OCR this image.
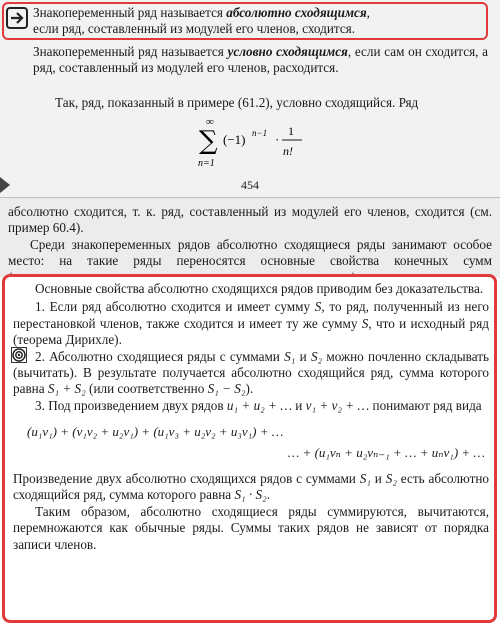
Знакопеременный ряд называется абсолютно сходящимся,
если ряд, составленный из модулей его членов, сходится.

Знакопеременный ряд называется условно сходящимся, если сам он сходится, а ряд, составленный из модулей его членов, расходится.

Так, ряд, показанный в примере (61.2), условно сходящийся. Ряд

∞
∑
n=1
(−1) n−1 ·
1
n!
454

абсолютно сходится, т. к. ряд, составленный из модулей его членов, сходится (см. пример 60.4).

Среди знакопеременных рядов абсолютно сходящиеся ряды занимают особое место: на такие ряды переносятся основные свойства конечных сумм

Основные свойства абсолютно сходящихся рядов приводим без доказательства.

1. Если ряд абсолютно сходится и имеет сумму S, то ряд, полученный из него перестановкой членов, также сходится и имеет ту же сумму S, что и исходный ряд (теорема Дирихле).

2. Абсолютно сходящиеся ряды с суммами S₁ и S₂ можно почленно складывать (вычитать). В результате получается абсолютно сходящийся ряд, сумма которого равна S₁ + S₂ (или соответственно S₁ − S₂).

3. Под произведением двух рядов u₁ + u₂ + … и v₁ + v₂ + … понимают ряд вида

(u₁v₁) + (v₁v₂ + u₂v₁) + (u₁v₃ + u₂v₂ + u₃v₁) + …

… + (u₁vₙ + u₂vₙ₋₁ + … + uₙv₁) + …

Произведение двух абсолютно сходящихся рядов с суммами S₁ и S₂ есть абсолютно сходящийся ряд, сумма которого равна S₁ · S₂.

Таким образом, абсолютно сходящиеся ряды суммируются, вычитаются, перемножаются как обычные ряды. Суммы таких рядов не зависят от порядка записи членов.
